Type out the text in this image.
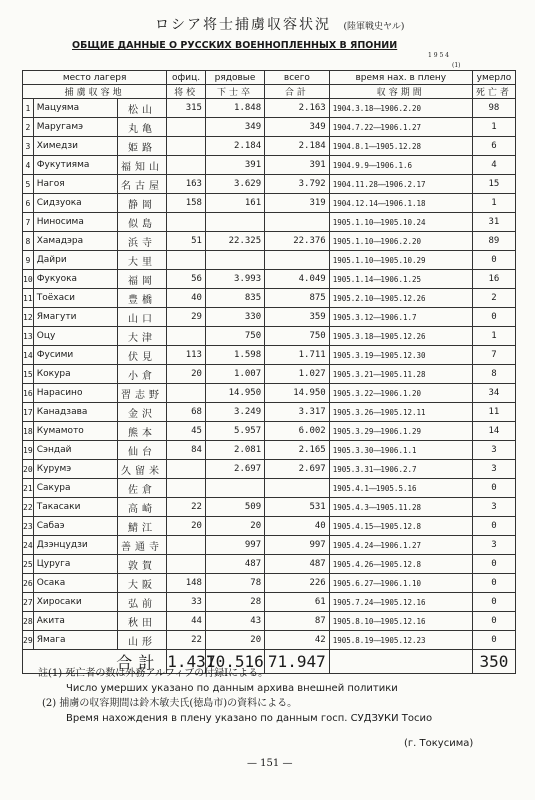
ロシア将士捕虜収容状況 (陸軍戦史ヤル)
ОБЩИЕ ДАННЫЕ О РУССКИХ ВОЕННОПЛЕННЫХ В ЯПОНИИ
1 9 5 4
(1)
место лагеря			офиц.	рядовые	всего	время нах. в плену	умерло
捕虜収容地			将校	下士卒	合計	収容期間	死亡者
1	Мацуяма	松山	315	1.848	2.163	1904.3.18——1906.2.20	98
2	Маругамэ	丸亀		349	349	1904.7.22——1906.1.27	1
3	Химедзи	姫路		2.184	2.184	1904.8.1——1905.12.28	6
4	Фукутияма	福知山		391	391	1904.9.9——1906.1.6	4
5	Нагоя	名古屋	163	3.629	3.792	1904.11.28——1906.2.17	15
6	Сидзуока	静岡	158	161	319	1904.12.14——1906.1.18	1
7	Ниносима	似島				1905.1.10——1905.10.24	31
8	Хамадэра	浜寺	51	22.325	22.376	1905.1.10——1906.2.20	89
9	Дайри	大里				1905.1.10——1905.10.29	0
10	Фукуока	福岡	56	3.993	4.049	1905.1.14——1906.1.25	16
11	Тоёхаси	豊橋	40	835	875	1905.2.10——1905.12.26	2
12	Ямагути	山口	29	330	359	1905.3.12——1906.1.7	0
13	Оцу	大津		750	750	1905.3.18——1905.12.26	1
14	Фусими	伏見	113	1.598	1.711	1905.3.19——1905.12.30	7
15	Кокура	小倉	20	1.007	1.027	1905.3.21——1905.11.28	8
16	Нарасино	習志野		14.950	14.950	1905.3.22——1906.1.20	34
17	Канадзава	金沢	68	3.249	3.317	1905.3.26——1905.12.11	11
18	Кумамото	熊本	45	5.957	6.002	1905.3.29——1906.1.29	14
19	Сэндай	仙台	84	2.081	2.165	1905.3.30——1906.1.1	3
20	Курумэ	久留米		2.697	2.697	1905.3.31——1906.2.7	3
21	Сакура	佐倉				1905.4.1——1905.5.16	0
22	Такасаки	高崎	22	509	531	1905.4.3——1905.11.28	3
23	Сабаэ	鯖江	20	20	40	1905.4.15——1905.12.8	0
24	Дзэнцудзи	善通寺		997	997	1905.4.24——1906.1.27	3
25	Цуруга	敦賀		487	487	1905.4.26——1905.12.8	0
26	Осака	大阪	148	78	226	1905.6.27——1906.1.10	0
27	Хиросаки	弘前	33	28	61	1905.7.24——1905.12.16	0
28	Акита	秋田	44	43	87	1905.8.10——1905.12.16	0
29	Ямага	山形	22	20	42	1905.8.19——1905.12.23	0
合計			1.431	70.516	71.947		350
註(1) 死亡者の数は外務アルフィブの付録Ⅰによる。
Число умерших указано по данным архива внешней политики
(2) 捕虜の収容期間は鈴木敏夫氏(徳島市)の資料による。
Время нахождения в плену указано по данным госп. СУДЗУКИ Тосио
(г. Токусима)
— 151 —
